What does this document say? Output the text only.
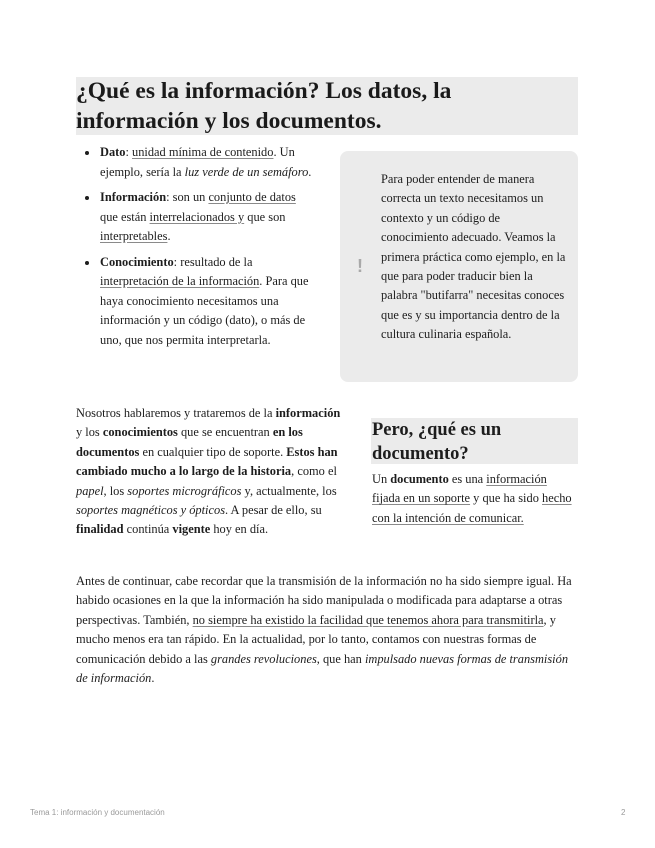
¿Qué es la información? Los datos, la información y los documentos.
Dato: unidad mínima de contenido. Un ejemplo, sería la luz verde de un semáforo.
Información: son un conjunto de datos que están interrelacionados y que son interpretables.
Conocimiento: resultado de la interpretación de la información. Para que haya conocimiento necesitamos una información y un código (dato), o más de uno, que nos permita interpretarla.
!

Para poder entender de manera correcta un texto necesitamos un contexto y un código de conocimiento adecuado. Veamos la primera práctica como ejemplo, en la que para poder traducir bien la palabra "butifarra" necesitas conoces que es y su importancia dentro de la cultura culinaria española.

Nosotros hablaremos y trataremos de la información y los conocimientos que se encuentran en los documentos en cualquier tipo de soporte. Estos han cambiado mucho a lo largo de la historia, como el papel, los soportes micrográficos y, actualmente, los soportes magnéticos y ópticos. A pesar de ello, su finalidad continúa vigente hoy en día.

Pero, ¿qué es un documento?

Un documento es una información fijada en un soporte y que ha sido hecho con la intención de comunicar.

Antes de continuar, cabe recordar que la transmisión de la información no ha sido siempre igual. Ha habido ocasiones en la que la información ha sido manipulada o modificada para adaptarse a otras perspectivas. También, no siempre ha existido la facilidad que tenemos ahora para transmitirla, y mucho menos era tan rápido. En la actualidad, por lo tanto, contamos con nuestras formas de comunicación debido a las grandes revoluciones, que han impulsado nuevas formas de transmisión de información.

Tema 1: información y documentación	2
